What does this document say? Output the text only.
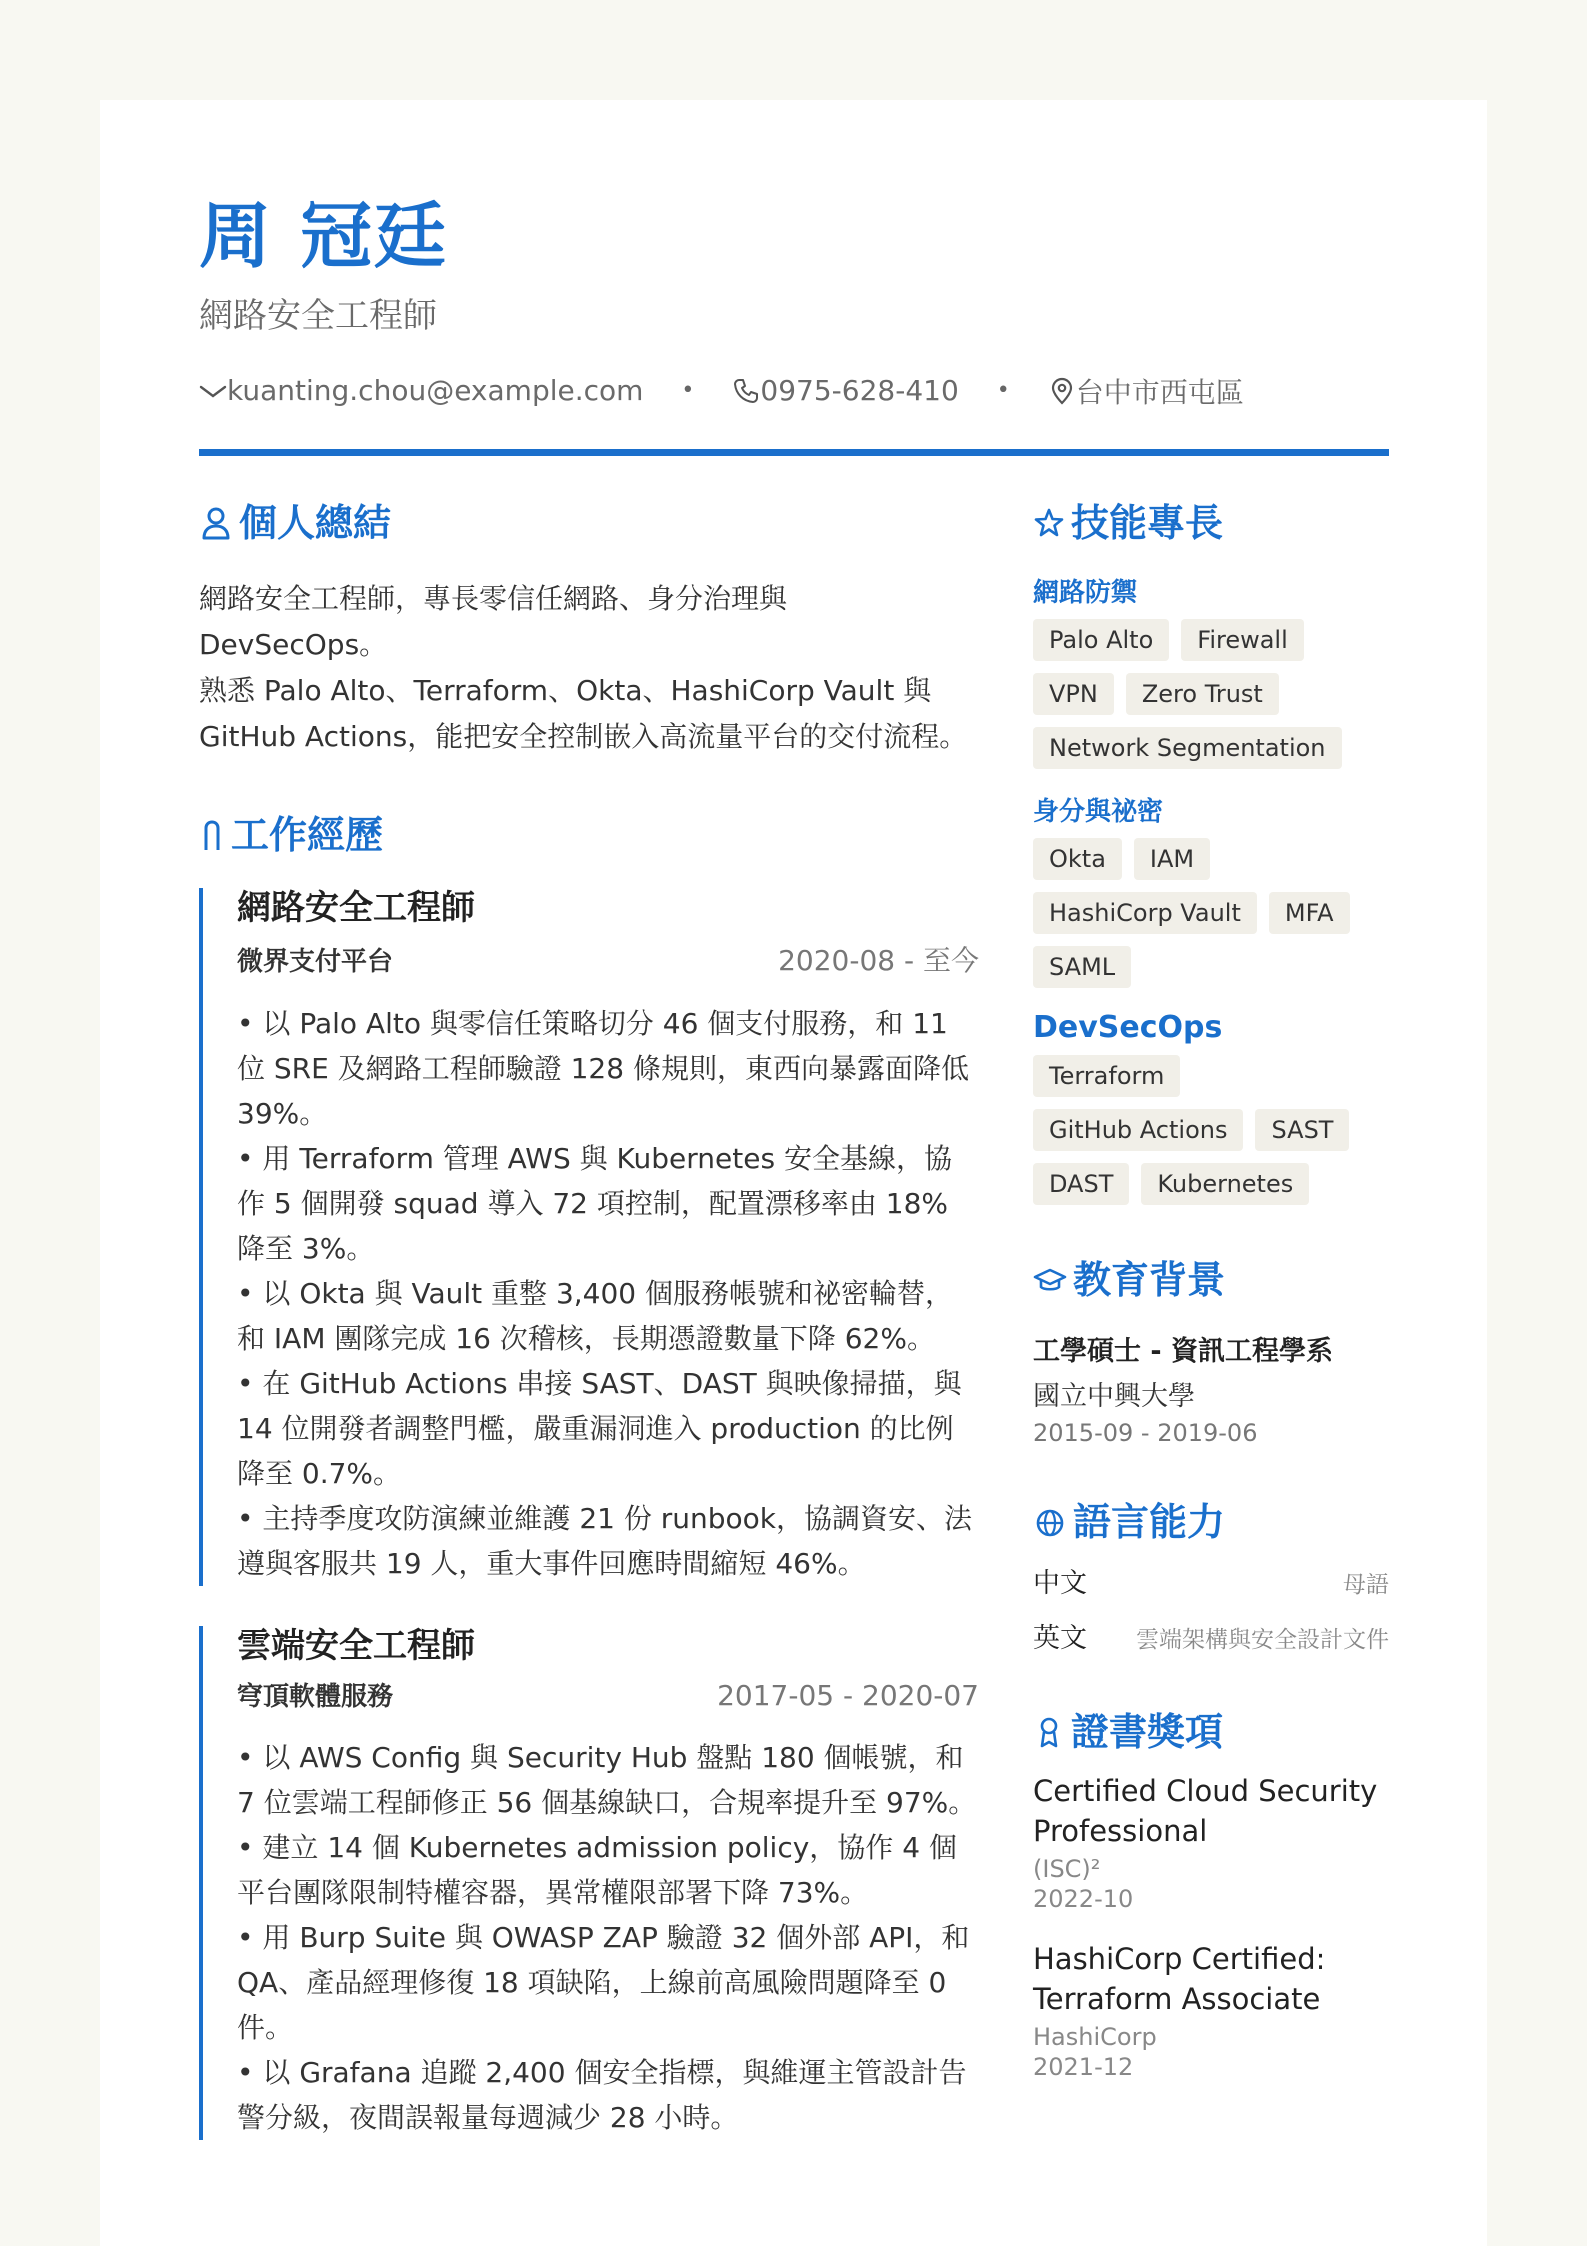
周 冠廷
網路安全工程師
kuanting.chou@example.com • 0975-628-410 • 台中市西屯區
個人總結

網路安全工程師，專長零信任網路、身分治理與 DevSecOps。

熟悉 Palo Alto、Terraform、Okta、HashiCorp Vault 與

GitHub Actions，能把安全控制嵌入高流量平台的交付流程。

工作經歷
網路安全工程師
微界支付平台	2020-08 - 至今
• 以 Palo Alto 與零信任策略切分 46 個支付服務，和 11 位 SRE 及網路工程師驗證 128 條規則，東西向暴露面降低 39%。
• 用 Terraform 管理 AWS 與 Kubernetes 安全基線，協作 5 個開發 squad 導入 72 項控制，配置漂移率由 18% 降至 3%。
• 以 Okta 與 Vault 重整 3,400 個服務帳號和祕密輪替，和 IAM 團隊完成 16 次稽核，長期憑證數量下降 62%。
• 在 GitHub Actions 串接 SAST、DAST 與映像掃描，與 14 位開發者調整門檻，嚴重漏洞進入 production 的比例降至 0.7%。
• 主持季度攻防演練並維護 21 份 runbook，協調資安、法遵與客服共 19 人，重大事件回應時間縮短 46%。
雲端安全工程師
穹頂軟體服務	2017-05 - 2020-07
• 以 AWS Config 與 Security Hub 盤點 180 個帳號，和 7 位雲端工程師修正 56 個基線缺口，合規率提升至 97%。
• 建立 14 個 Kubernetes admission policy，協作 4 個平台團隊限制特權容器，異常權限部署下降 73%。
• 用 Burp Suite 與 OWASP ZAP 驗證 32 個外部 API，和 QA、產品經理修復 18 項缺陷，上線前高風險問題降至 0 件。
• 以 Grafana 追蹤 2,400 個安全指標，與維運主管設計告警分級，夜間誤報量每週減少 28 小時。
技能專長
網路防禦
Palo Alto	Firewall
VPN	Zero Trust
Network Segmentation
身分與祕密
Okta	IAM
HashiCorp Vault	MFA
SAML
DevSecOps
Terraform
GitHub Actions	SAST
DAST	Kubernetes
教育背景
工學碩士 - 資訊工程學系
國立中興大學
2015-09 - 2019-06
語言能力
中文	母語
英文 雲端架構與安全設計文件
證書獎項
Certified Cloud Security Professional
(ISC)²
2022-10
HashiCorp Certified: Terraform Associate
HashiCorp
2021-12
